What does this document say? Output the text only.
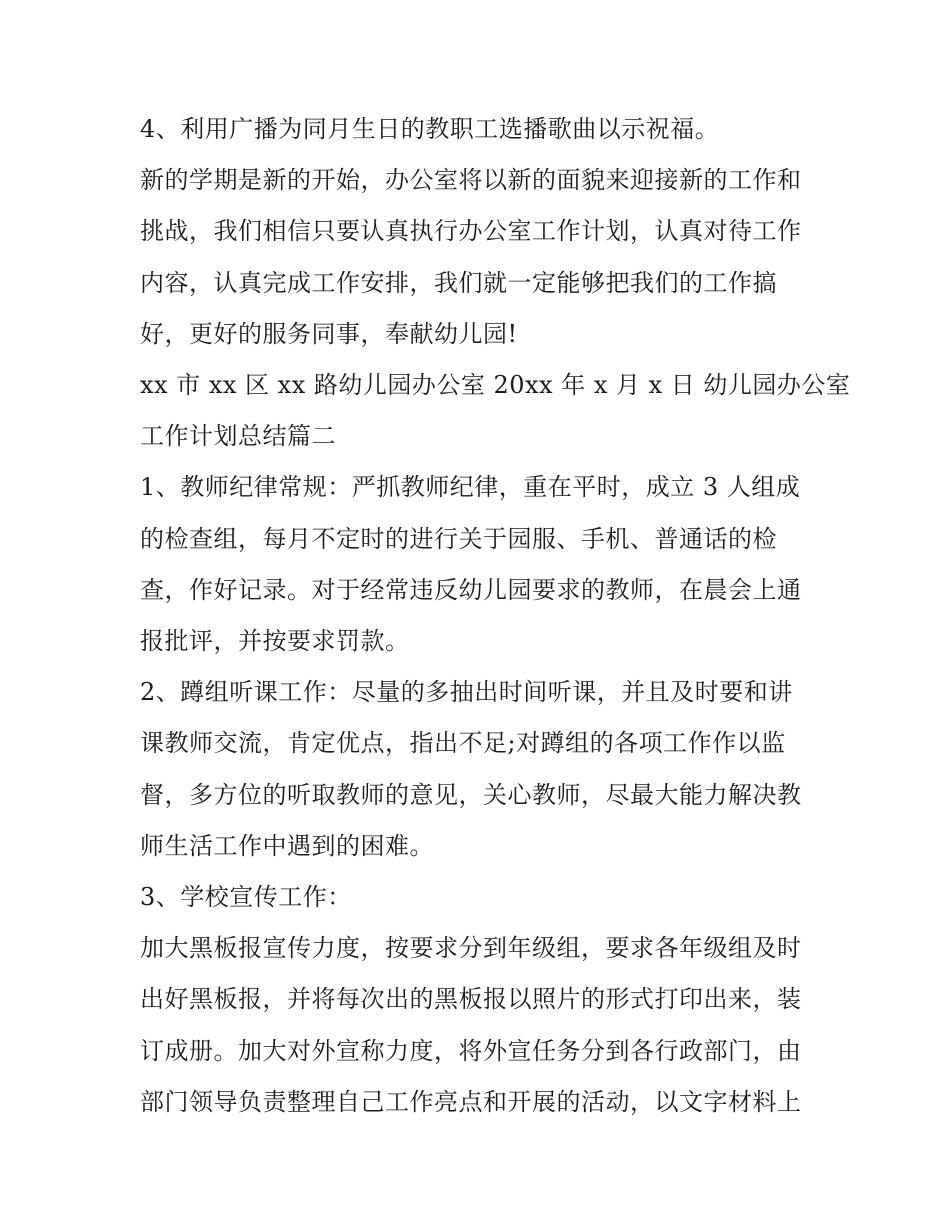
4、利用广播为同月生日的教职工选播歌曲以示祝福。

新的学期是新的开始，办公室将以新的面貌来迎接新的工作和

挑战，我们相信只要认真执行办公室工作计划，认真对待工作

内容，认真完成工作安排，我们就一定能够把我们的工作搞

好，更好的服务同事，奉献幼儿园!

xx 市 xx 区 xx 路幼儿园办公室 20xx 年 x 月 x 日 幼儿园办公室

工作计划总结篇二

1、教师纪律常规：严抓教师纪律，重在平时，成立 3 人组成

的检查组，每月不定时的进行关于园服、手机、普通话的检

查，作好记录。对于经常违反幼儿园要求的教师，在晨会上通

报批评，并按要求罚款。

2、蹲组听课工作：尽量的多抽出时间听课，并且及时要和讲

课教师交流，肯定优点，指出不足;对蹲组的各项工作作以监

督，多方位的听取教师的意见，关心教师，尽最大能力解决教

师生活工作中遇到的困难。

3、学校宣传工作：

加大黑板报宣传力度，按要求分到年级组，要求各年级组及时

出好黑板报，并将每次出的黑板报以照片的形式打印出来，装

订成册。加大对外宣称力度，将外宣任务分到各行政部门，由

部门领导负责整理自己工作亮点和开展的活动，以文字材料上
